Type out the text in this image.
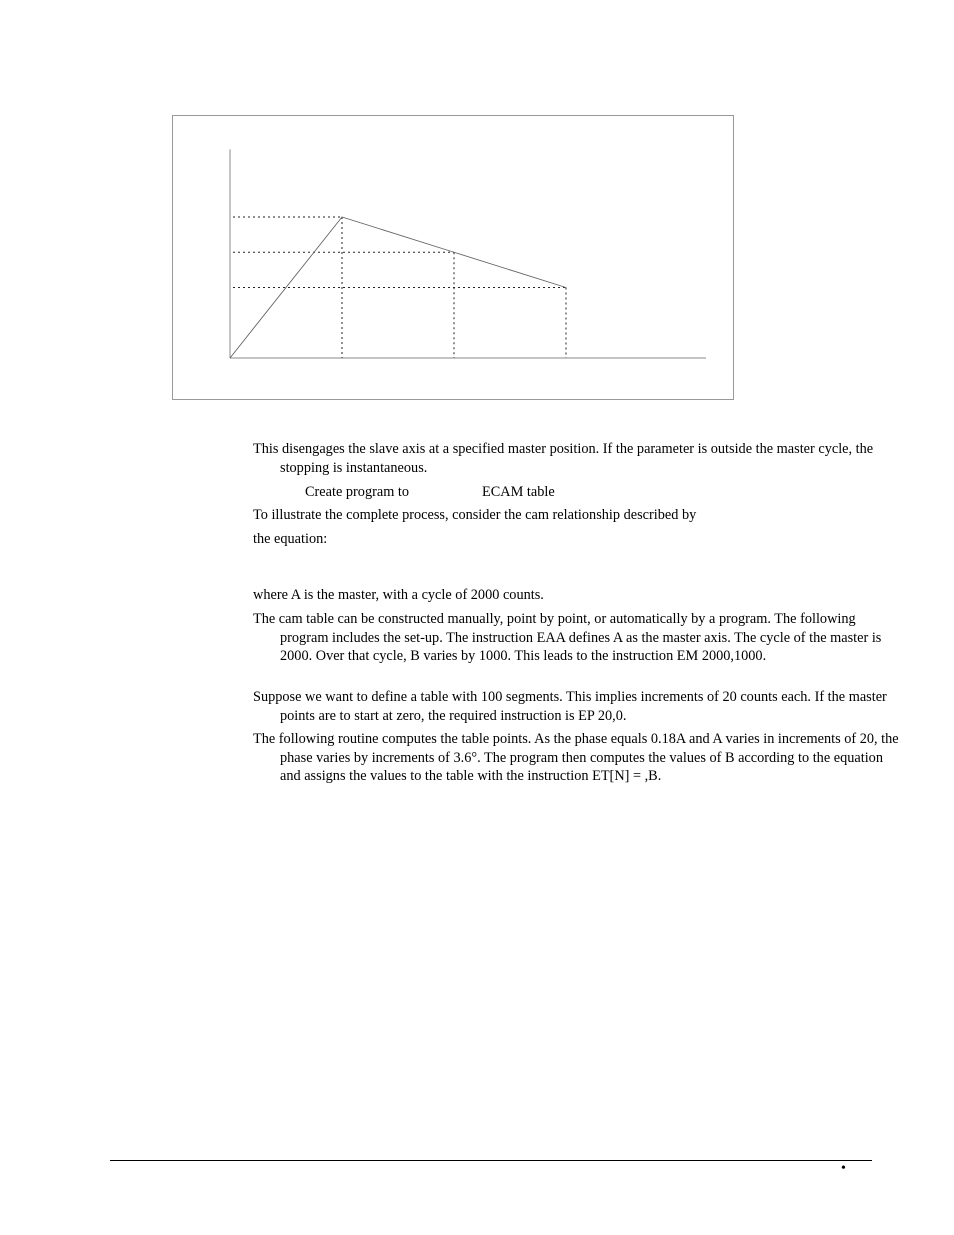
This disengages the slave axis at a specified master position. If the parameter is outside the master cycle, the stopping is instantaneous.

Create program to	ECAM table

To illustrate the complete process, consider the cam relationship described by

the equation:

where A is the master, with a cycle of 2000 counts.

The cam table can be constructed manually, point by point, or automatically by a program. The following program includes the set-up. The instruction EAA defines A as the master axis. The cycle of the master is 2000. Over that cycle, B varies by 1000. This leads to the instruction EM 2000,1000.

Suppose we want to define a table with 100 segments. This implies increments of 20 counts each. If the master points are to start at zero, the required instruction is EP 20,0.

The following routine computes the table points. As the phase equals 0.18A and A varies in increments of 20, the phase varies by increments of 3.6°. The program then computes the values of B according to the equation and assigns the values to the table with the instruction ET[N] = ,B.

•
